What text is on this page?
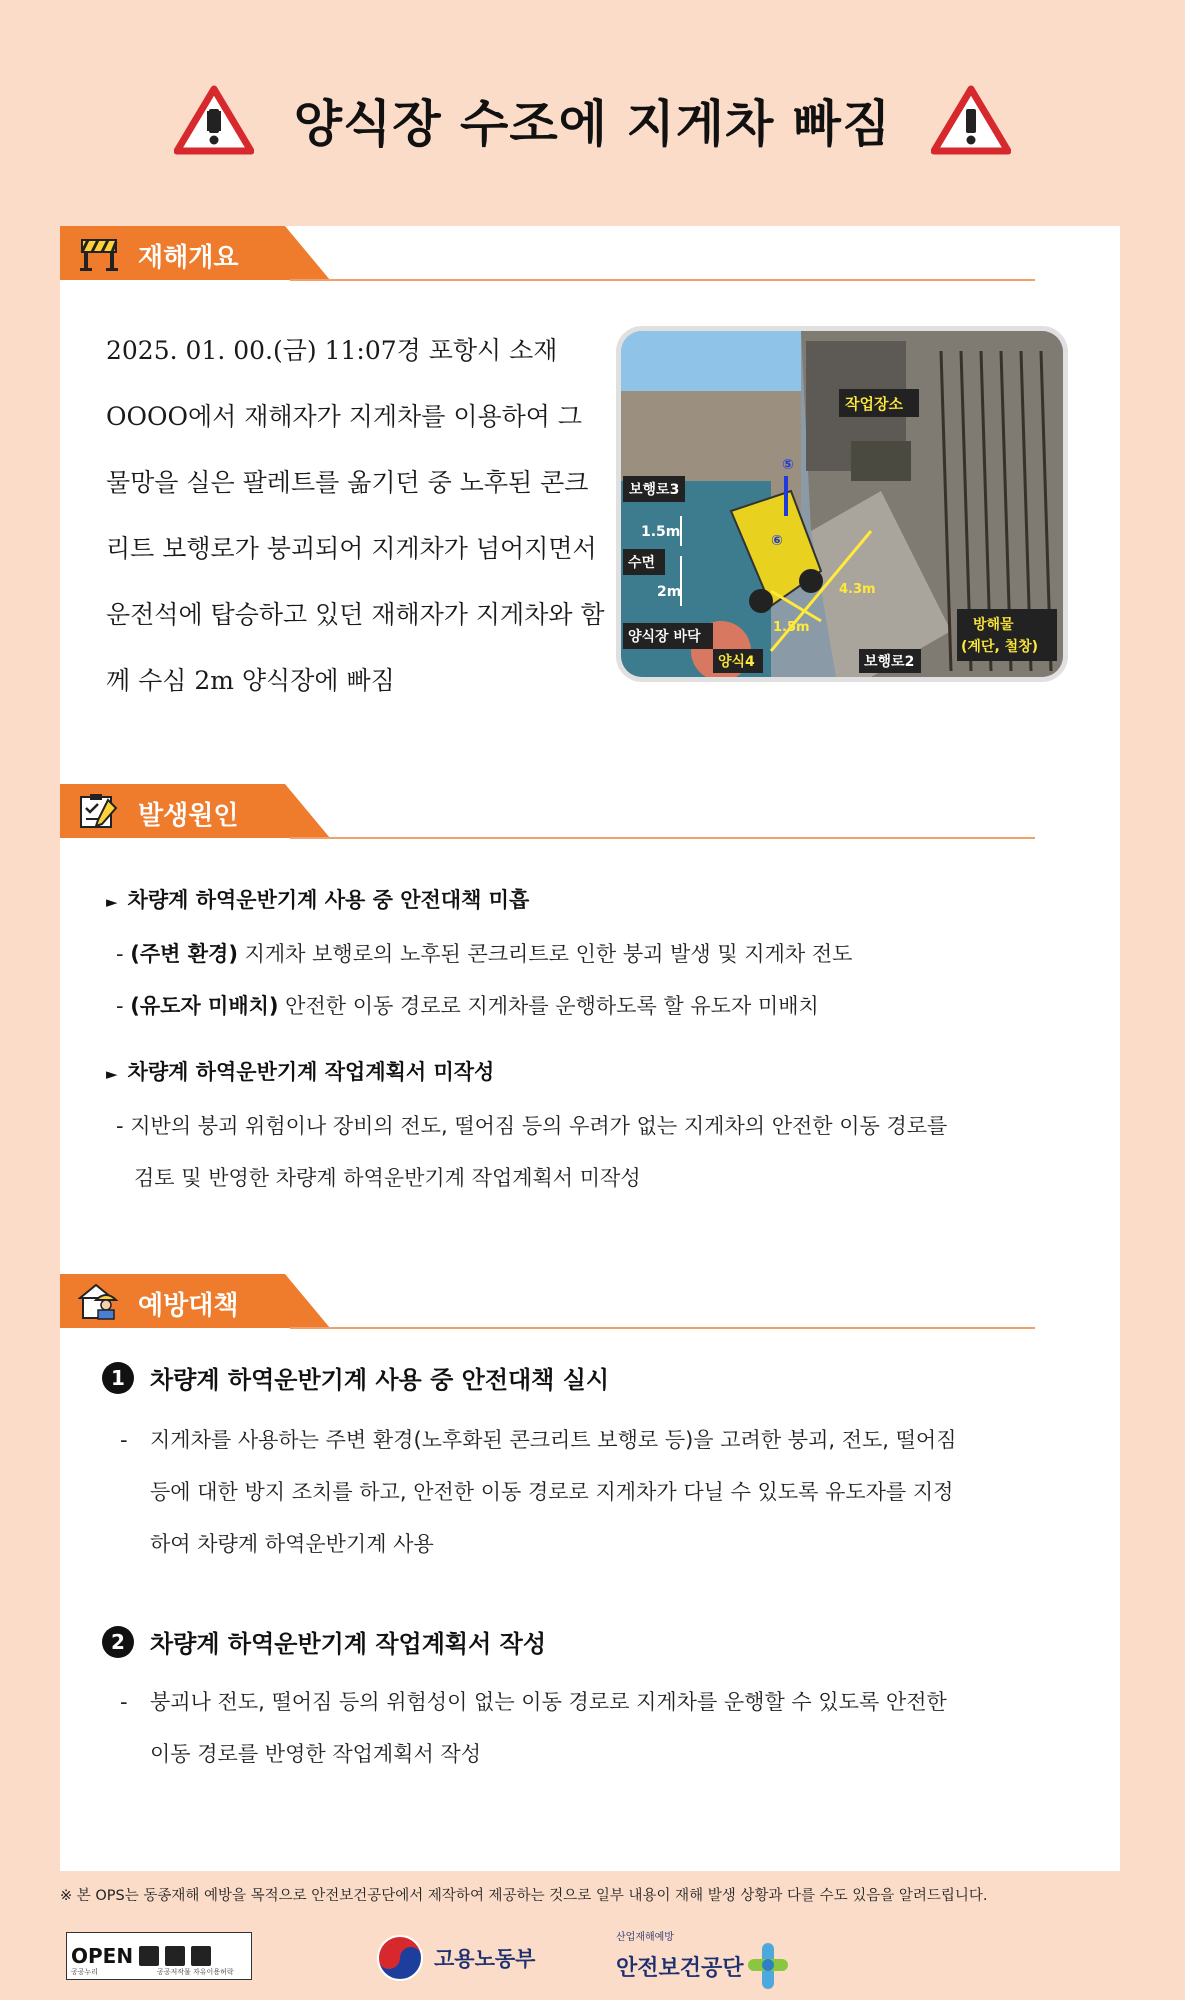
양식장 수조에 지게차 빠짐
재해개요
2025. 01. 00.(금) 11:07경 포항시 소재 OOOO에서 재해자가 지게차를 이용하여 그물망을 실은 팔레트를 옮기던 중 노후된 콘크리트 보행로가 붕괴되어 지게차가 넘어지면서 운전석에 탑승하고 있던 재해자가 지게차와 함께 수심 2m 양식장에 빠짐
보행로3
1.5m
수면
2m
양식장 바닥
양식4	보행로2
1.5m
4.3m
작업장소
⑤
⑥
방해물
(계단, 철창)
발생원인
► 차량계 하역운반기계 사용 중 안전대책 미흡
- (주변 환경) 지게차 보행로의 노후된 콘크리트로 인한 붕괴 발생 및 지게차 전도
- (유도자 미배치) 안전한 이동 경로로 지게차를 운행하도록 할 유도자 미배치
► 차량계 하역운반기계 작업계획서 미작성
- 지반의 붕괴 위험이나 장비의 전도, 떨어짐 등의 우려가 없는 지게차의 안전한 이동 경로를
검토 및 반영한 차량계 하역운반기계 작업계획서 미작성
예방대책
1	차량계 하역운반기계 사용 중 안전대책 실시
- 지게차를 사용하는 주변 환경(노후화된 콘크리트 보행로 등)을 고려한 붕괴, 전도, 떨어짐
등에 대한 방지 조치를 하고, 안전한 이동 경로로 지게차가 다닐 수 있도록 유도자를 지정
하여 차량계 하역운반기계 사용
2	차량계 하역운반기계 작업계획서 작성
- 붕괴나 전도, 떨어짐 등의 위험성이 없는 이동 경로로 지게차를 운행할 수 있도록 안전한
이동 경로를 반영한 작업계획서 작성
※ 본 OPS는 동종재해 예방을 목적으로 안전보건공단에서 제작하여 제공하는 것으로 일부 내용이 재해 발생 상황과 다를 수도 있음을 알려드립니다.
OPEN
공공누리	공공저작물 자유이용허락
고용노동부
산업재해예방
안전보건공단
